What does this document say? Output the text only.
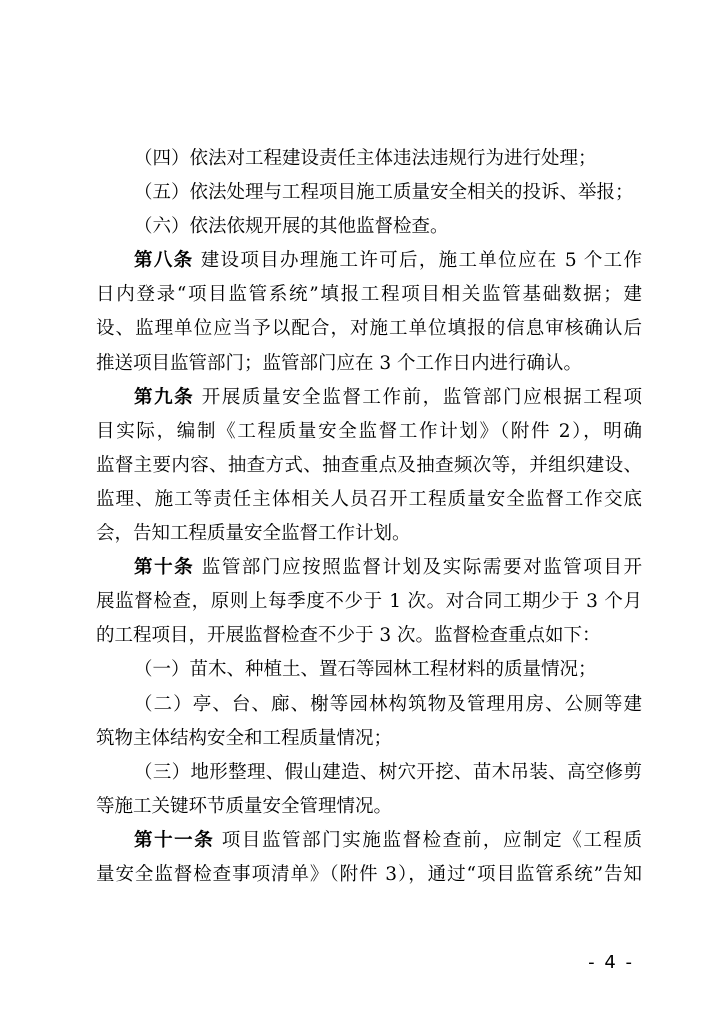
（四）依法对工程建设责任主体违法违规行为进行处理；
（五）依法处理与工程项目施工质量安全相关的投诉、举报；
（六）依法依规开展的其他监督检查。
第八条 建设项目办理施工许可后，施工单位应在 5 个工作
日内登录“项目监管系统”填报工程项目相关监管基础数据；建
设、监理单位应当予以配合，对施工单位填报的信息审核确认后
推送项目监管部门；监管部门应在 3 个工作日内进行确认。
第九条 开展质量安全监督工作前，监管部门应根据工程项
目实际，编制《工程质量安全监督工作计划》（附件 2），明确
监督主要内容、抽查方式、抽查重点及抽查频次等，并组织建设、
监理、施工等责任主体相关人员召开工程质量安全监督工作交底
会，告知工程质量安全监督工作计划。
第十条 监管部门应按照监督计划及实际需要对监管项目开
展监督检查，原则上每季度不少于 1 次。对合同工期少于 3 个月
的工程项目，开展监督检查不少于 3 次。监督检查重点如下：
（一）苗木、种植土、置石等园林工程材料的质量情况；
（二）亭、台、廊、榭等园林构筑物及管理用房、公厕等建
筑物主体结构安全和工程质量情况；
（三）地形整理、假山建造、树穴开挖、苗木吊装、高空修剪
等施工关键环节质量安全管理情况。
第十一条 项目监管部门实施监督检查前，应制定《工程质
量安全监督检查事项清单》（附件 3），通过“项目监管系统”告知
- 4 -
